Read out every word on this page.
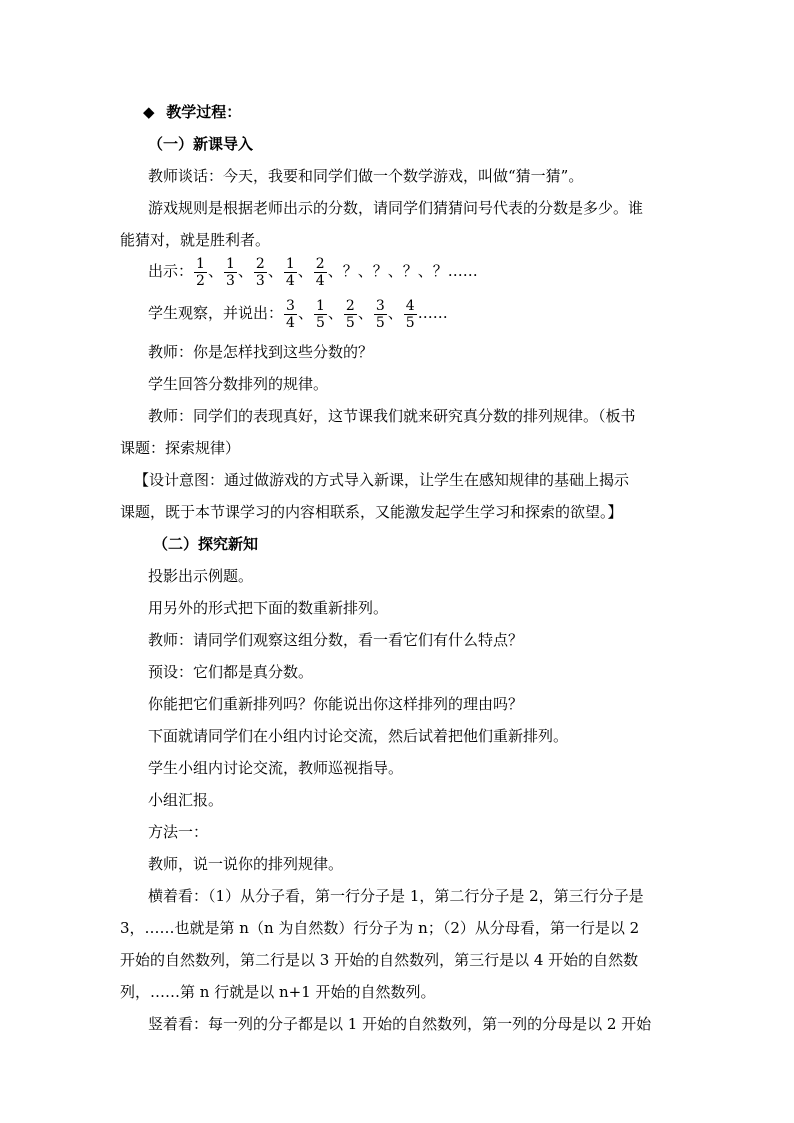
◆ 教学过程：
（一）新课导入
教师谈话：今天，我要和同学们做一个数学游戏，叫做“猜一猜”。
游戏规则是根据老师出示的分数，请同学们猜猜问号代表的分数是多少。谁
能猜对，就是胜利者。
出示： $\frac{1}{2}$ 、 $\frac{1}{3}$ 、 $\frac{2}{3}$ 、 $\frac{1}{4}$ 、 $\frac{2}{4}$ 、？、？、？、？……
学生观察，并说出： $\frac{3}{4}$ 、 $\frac{1}{5}$ 、 $\frac{2}{5}$ 、 $\frac{3}{5}$ 、 $\frac{4}{5}$ ……
教师：你是怎样找到这些分数的？
学生回答分数排列的规律。
教师：同学们的表现真好，这节课我们就来研究真分数的排列规律。（板书
课题：探索规律）
【设计意图：通过做游戏的方式导入新课，让学生在感知规律的基础上揭示
课题，既于本节课学习的内容相联系，又能激发起学生学习和探索的欲望。】
（二）探究新知
投影出示例题。
用另外的形式把下面的数重新排列。
教师：请同学们观察这组分数，看一看它们有什么特点？
预设：它们都是真分数。
你能把它们重新排列吗？你能说出你这样排列的理由吗？
下面就请同学们在小组内讨论交流，然后试着把他们重新排列。
学生小组内讨论交流，教师巡视指导。
小组汇报。
方法一：
教师，说一说你的排列规律。
横着看：（1）从分子看，第一行分子是 1，第二行分子是 2，第三行分子是
3，……也就是第 n（n 为自然数）行分子为 n；（2）从分母看，第一行是以 2
开始的自然数列，第二行是以 3 开始的自然数列，第三行是以 4 开始的自然数
列，……第 n 行就是以 n+1 开始的自然数列。
竖着看：每一列的分子都是以 1 开始的自然数列，第一列的分母是以 2 开始
